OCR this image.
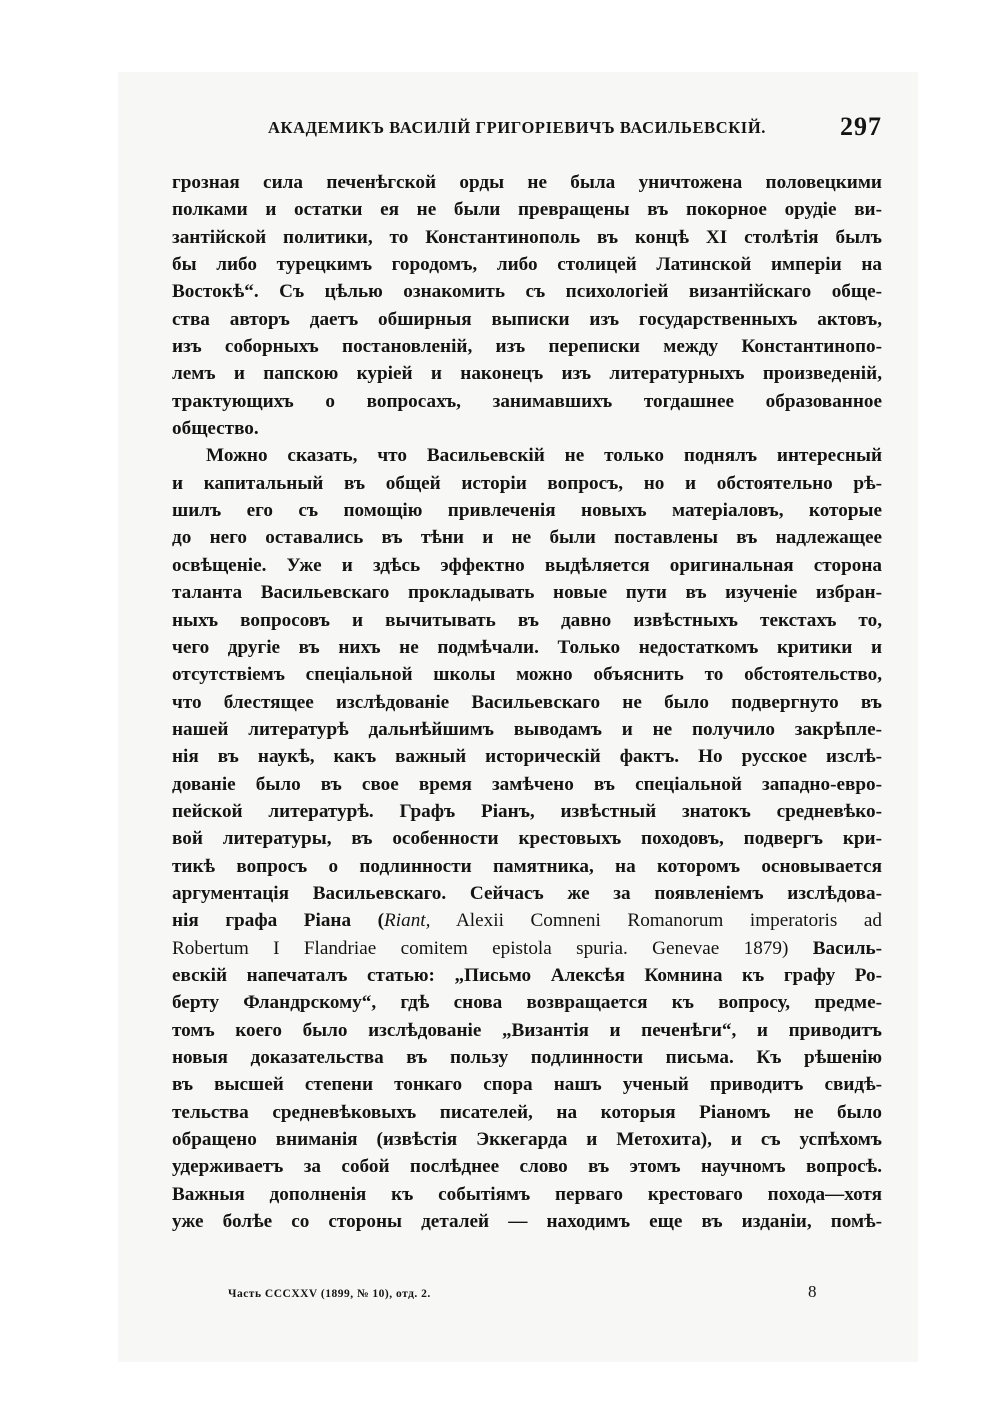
АКАДЕМИКЪ ВАСИЛІЙ ГРИГОРІЕВИЧЪ ВАСИЛЬЕВСКІЙ.	297
грозная сила печенѣгской орды не была уничтожена половецкими
полками и остатки ея не были превращены въ покорное орудіе ви-
зантійской политики, то Константинополь въ концѣ XI столѣтія былъ
бы либо турецкимъ городомъ, либо столицей Латинской имперіи на
Востокѣ“. Съ цѣлью ознакомить съ психологіей византійскаго обще-
ства авторъ даетъ обширныя выписки изъ государственныхъ актовъ,
изъ соборныхъ постановленій, изъ переписки между Константинопо-
лемъ и папскою куріей и наконецъ изъ литературныхъ произведеній,
трактующихъ о вопросахъ, занимавшихъ тогдашнее образованное
общество.
Можно сказать, что Васильевскій не только поднялъ интересный
и капитальный въ общей исторіи вопросъ, но и обстоятельно рѣ-
шилъ его съ помощію привлеченія новыхъ матеріаловъ, которые
до него оставались въ тѣни и не были поставлены въ надлежащее
освѣщеніе. Уже и здѣсь эффектно выдѣляется оригинальная сторона
таланта Васильевскаго прокладывать новые пути въ изученіе избран-
ныхъ вопросовъ и вычитывать въ давно извѣстныхъ текстахъ то,
чего другіе въ нихъ не подмѣчали. Только недостаткомъ критики и
отсутствіемъ спеціальной школы можно объяснить то обстоятельство,
что блестящее изслѣдованіе Васильевскаго не было подвергнуто въ
нашей литературѣ дальнѣйшимъ выводамъ и не получило закрѣпле-
нія въ наукѣ, какъ важный историческій фактъ. Но русское изслѣ-
дованіе было въ свое время замѣчено въ спеціальной западно-евро-
пейской литературѣ. Графъ Ріанъ, извѣстный знатокъ средневѣко-
вой литературы, въ особенности крестовыхъ походовъ, подвергъ кри-
тикѣ вопросъ о подлинности памятника, на которомъ основывается
аргументація Васильевскаго. Сейчасъ же за появленіемъ изслѣдова-
нія графа Ріана (Riant, Alexii Comneni Romanorum imperatoris ad
Robertum I Flandriae comitem epistola spuria. Genevae 1879) Василь-
евскій напечаталъ статью: „Письмо Алексѣя Комнина къ графу Ро-
берту Фландрскому“, гдѣ снова возвращается къ вопросу, предме-
томъ коего было изслѣдованіе „Византія и печенѣги“, и приводитъ
новыя доказательства въ пользу подлинности письма. Къ рѣшенію
въ высшей степени тонкаго спора нашъ ученый приводитъ свидѣ-
тельства средневѣковыхъ писателей, на которыя Ріаномъ не было
обращено вниманія (извѣстія Эккегарда и Метохита), и съ успѣхомъ
удерживаетъ за собой послѣднее слово въ этомъ научномъ вопросѣ.
Важныя дополненія къ событіямъ перваго крестоваго похода—хотя
уже болѣе со стороны деталей — находимъ еще въ изданіи, помѣ-
Часть CCCXXV (1899, № 10), отд. 2.	8
